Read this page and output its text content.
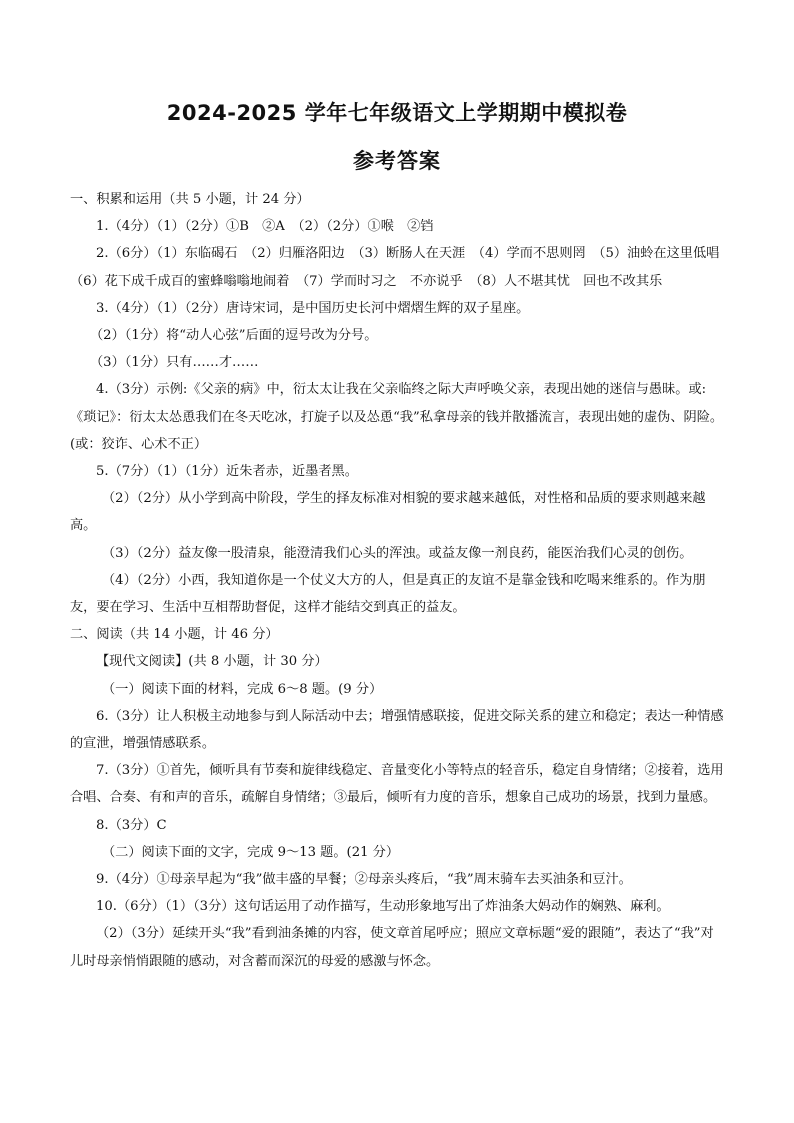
2024-2025 学年七年级语文上学期期中模拟卷
参考答案

一、积累和运用（共 5 小题，计 24 分）

1.（4分）（1）（2分）①B　②A　（2）（2分）①喉　②铛

2.（6分）（1）东临碣石　（2）归雁洛阳边　（3）断肠人在天涯　（4）学而不思则罔　（5）油蛉在这里低唱　（6）花下成千成百的蜜蜂嗡嗡地闹着　（7）学而时习之　不亦说乎　（8）人不堪其忧　回也不改其乐

3.（4分）（1）（2分）唐诗宋词，是中国历史长河中熠熠生辉的双子星座。

（2）（1分）将“动人心弦”后面的逗号改为分号。

（3）（1分）只有……才……

4.（3分）示例:《父亲的病》中，衍太太让我在父亲临终之际大声呼唤父亲，表现出她的迷信与愚昧。或:《琐记》：衍太太怂恿我们在冬天吃冰，打旋子以及怂恿“我”私拿母亲的钱并散播流言，表现出她的虚伪、阴险。(或：狡诈、心术不正）

5.（7分）（1）（1分）近朱者赤，近墨者黑。

（2）（2分）从小学到高中阶段，学生的择友标准对相貌的要求越来越低，对性格和品质的要求则越来越高。

（3）（2分）益友像一股清泉，能澄清我们心头的浑浊。或益友像一剂良药，能医治我们心灵的创伤。

（4）（2分）小西，我知道你是一个仗义大方的人，但是真正的友谊不是靠金钱和吃喝来维系的。作为朋友，要在学习、生活中互相帮助督促，这样才能结交到真正的益友。

二、阅读（共 14 小题，计 46 分）

【现代文阅读】(共 8 小题，计 30 分）

（一）阅读下面的材料，完成 6～8 题。(9 分）

6.（3分）让人积极主动地参与到人际活动中去；增强情感联接，促进交际关系的建立和稳定；表达一种情感的宣泄，增强情感联系。

7.（3分）①首先，倾听具有节奏和旋律线稳定、音量变化小等特点的轻音乐，稳定自身情绪；②接着，选用合唱、合奏、有和声的音乐，疏解自身情绪；③最后，倾听有力度的音乐，想象自己成功的场景，找到力量感。

8.（3分）C

（二）阅读下面的文字，完成 9～13 题。(21 分）

9.（4分）①母亲早起为“我”做丰盛的早餐；②母亲头疼后，“我”周末骑车去买油条和豆汁。

10.（6分）（1）（3分）这句话运用了动作描写，生动形象地写出了炸油条大妈动作的娴熟、麻利。

（2）（3分）延续开头“我”看到油条摊的内容，使文章首尾呼应；照应文章标题“爱的跟随”，表达了“我”对儿时母亲悄悄跟随的感动，对含蓄而深沉的母爱的感激与怀念。
